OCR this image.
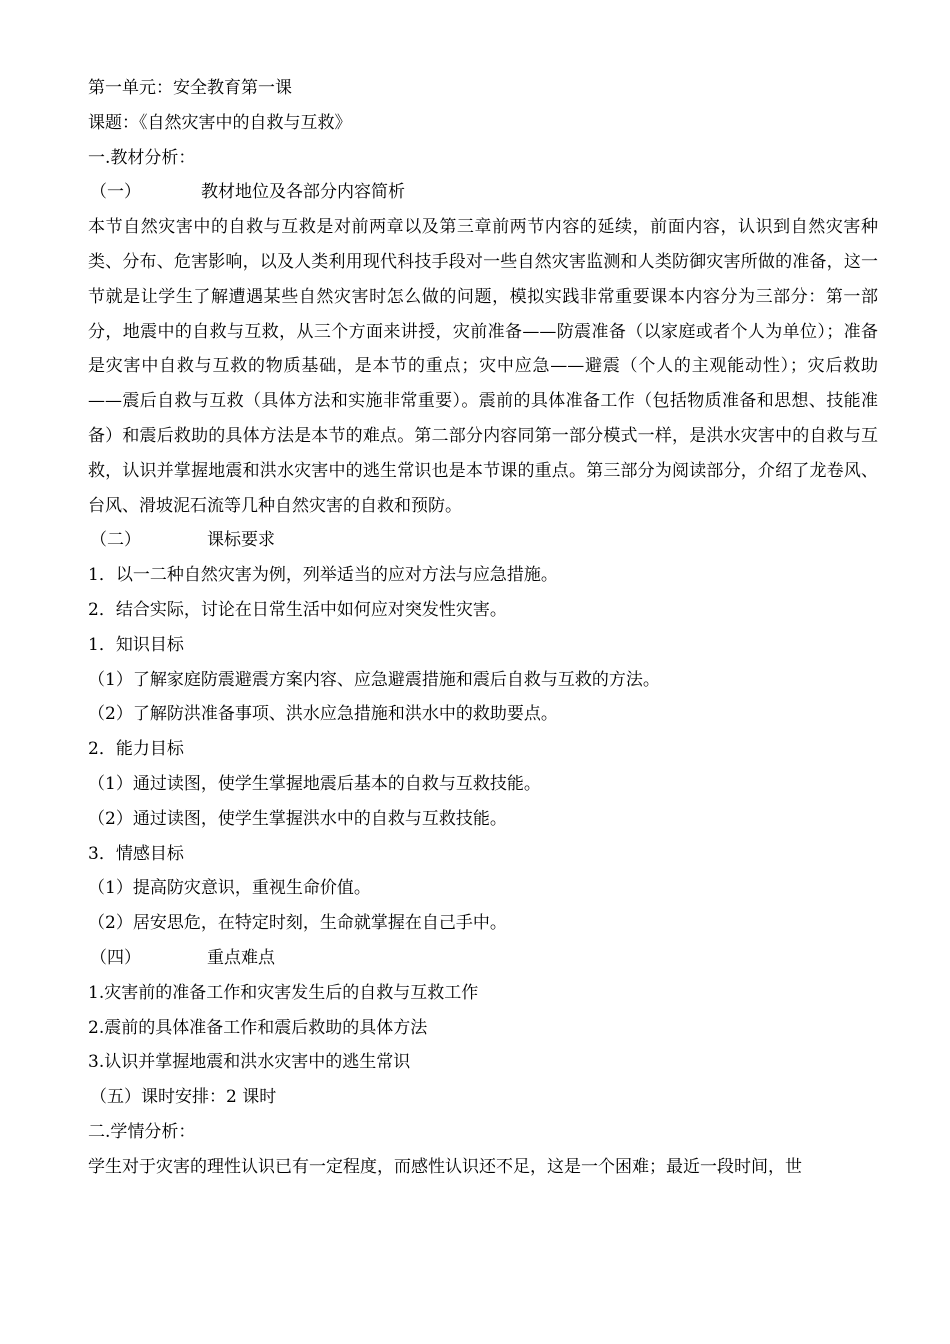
第一单元：安全教育第一课
课题：《自然灾害中的自救与互救》
一.教材分析：
（一）	教材地位及各部分内容简析
本节自然灾害中的自救与互救是对前两章以及第三章前两节内容的延续，前面内容，认识到自然灾害种类、分布、危害影响，以及人类利用现代科技手段对一些自然灾害监测和人类防御灾害所做的准备，这一节就是让学生了解遭遇某些自然灾害时怎么做的问题，模拟实践非常重要课本内容分为三部分：第一部分，地震中的自救与互救，从三个方面来讲授，灾前准备——防震准备（以家庭或者个人为单位）；准备是灾害中自救与互救的物质基础，是本节的重点；灾中应急——避震（个人的主观能动性）；灾后救助——震后自救与互救（具体方法和实施非常重要）。震前的具体准备工作（包括物质准备和思想、技能准备）和震后救助的具体方法是本节的难点。第二部分内容同第一部分模式一样，是洪水灾害中的自救与互救，认识并掌握地震和洪水灾害中的逃生常识也是本节课的重点。第三部分为阅读部分，介绍了龙卷风、台风、滑坡泥石流等几种自然灾害的自救和预防。
（二）	课标要求
1．以一二种自然灾害为例，列举适当的应对方法与应急措施。
2．结合实际，讨论在日常生活中如何应对突发性灾害。
1．知识目标
（1）了解家庭防震避震方案内容、应急避震措施和震后自救与互救的方法。
（2）了解防洪准备事项、洪水应急措施和洪水中的救助要点。
2．能力目标
（1）通过读图，使学生掌握地震后基本的自救与互救技能。
（2）通过读图，使学生掌握洪水中的自救与互救技能。
3．情感目标
（1）提高防灾意识，重视生命价值。
（2）居安思危，在特定时刻，生命就掌握在自己手中。
（四）	重点难点
1.灾害前的准备工作和灾害发生后的自救与互救工作
2.震前的具体准备工作和震后救助的具体方法
3.认识并掌握地震和洪水灾害中的逃生常识
（五）课时安排：2 课时
二.学情分析：
学生对于灾害的理性认识已有一定程度，而感性认识还不足，这是一个困难；最近一段时间，世
